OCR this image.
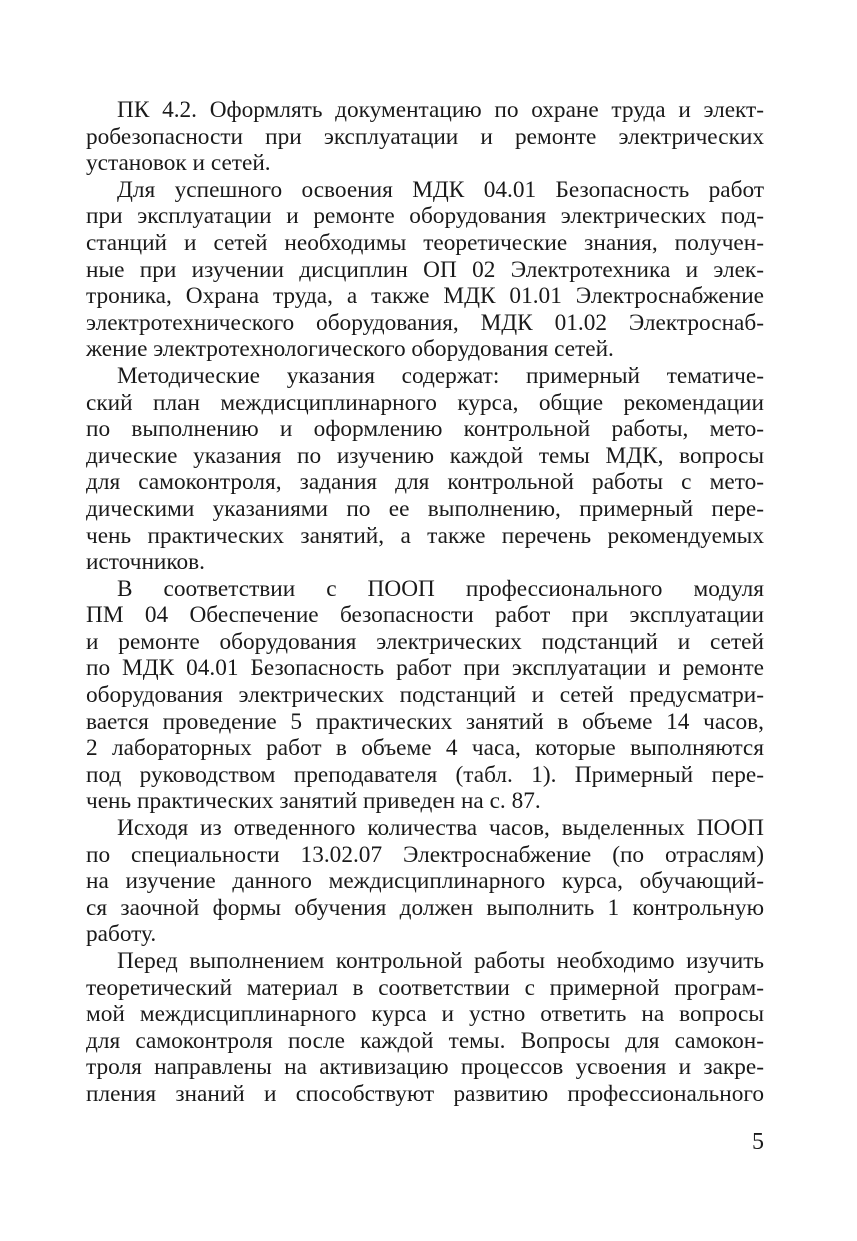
ПК 4.2. Оформлять документацию по охране труда и элект-
робезопасности при эксплуатации и ремонте электрических
установок и сетей.
Для успешного освоения МДК 04.01 Безопасность работ
при эксплуатации и ремонте оборудования электрических под-
станций и сетей необходимы теоретические знания, получен-
ные при изучении дисциплин ОП 02 Электротехника и элек-
троника, Охрана труда, а также МДК 01.01 Электроснабжение
электротехнического оборудования, МДК 01.02 Электроснаб-
жение электротехнологического оборудования сетей.
Методические указания содержат: примерный тематиче-
ский план междисциплинарного курса, общие рекомендации
по выполнению и оформлению контрольной работы, мето-
дические указания по изучению каждой темы МДК, вопросы
для самоконтроля, задания для контрольной работы с мето-
дическими указаниями по ее выполнению, примерный пере-
чень практических занятий, а также перечень рекомендуемых
источников.
В соответствии с ПООП профессионального модуля
ПМ 04 Обеспечение безопасности работ при эксплуатации
и ремонте оборудования электрических подстанций и сетей
по МДК 04.01 Безопасность работ при эксплуатации и ремонте
оборудования электрических подстанций и сетей предусматри-
вается проведение 5 практических занятий в объеме 14 часов,
2 лабораторных работ в объеме 4 часа, которые выполняются
под руководством преподавателя (табл. 1). Примерный пере-
чень практических занятий приведен на с. 87.
Исходя из отведенного количества часов, выделенных ПООП
по специальности 13.02.07 Электроснабжение (по отраслям)
на изучение данного междисциплинарного курса, обучающий-
ся заочной формы обучения должен выполнить 1 контрольную
работу.
Перед выполнением контрольной работы необходимо изучить
теоретический материал в соответствии с примерной програм-
мой междисциплинарного курса и устно ответить на вопросы
для самоконтроля после каждой темы. Вопросы для самокон-
троля направлены на активизацию процессов усвоения и закре-
пления знаний и способствуют развитию профессионального
5
